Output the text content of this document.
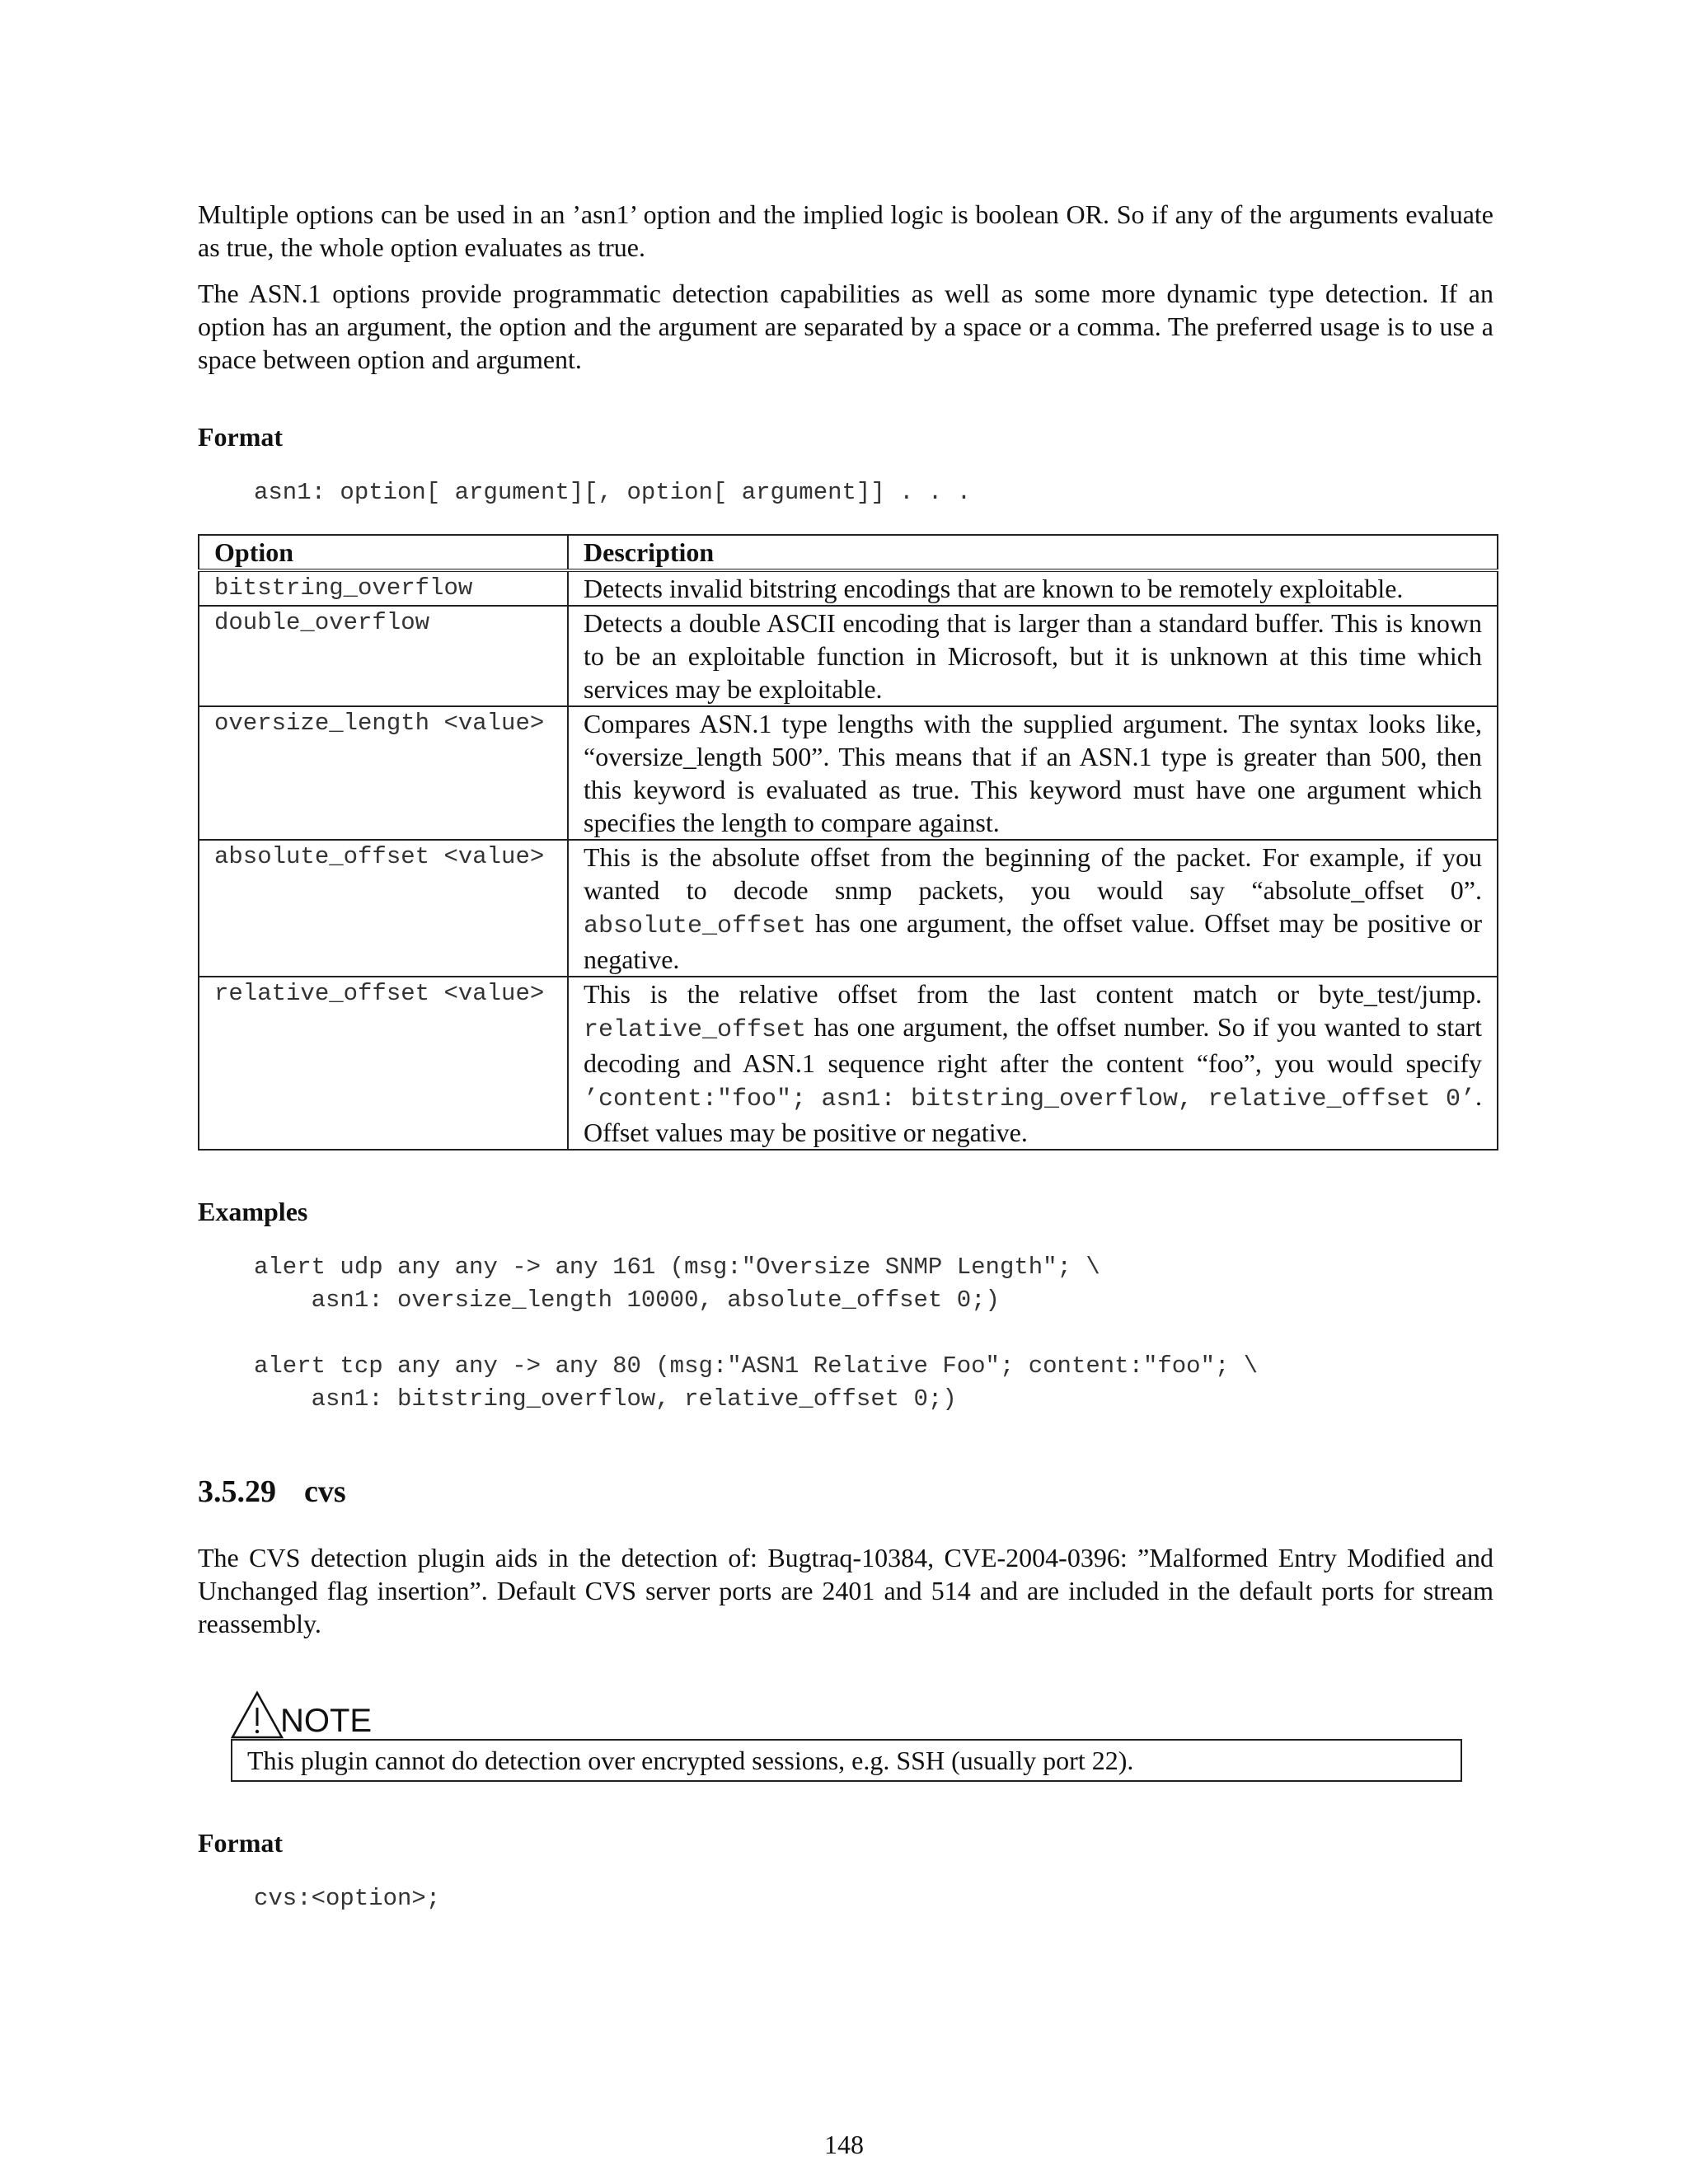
Multiple options can be used in an ’asn1’ option and the implied logic is boolean OR. So if any of the arguments evaluate as true, the whole option evaluates as true.

The ASN.1 options provide programmatic detection capabilities as well as some more dynamic type detection. If an option has an argument, the option and the argument are separated by a space or a comma. The preferred usage is to use a space between option and argument.

Format
asn1: option[ argument][, option[ argument]] . . .
Option	Description
bitstring_overflow	Detects invalid bitstring encodings that are known to be remotely exploitable.
double_overflow	Detects a double ASCII encoding that is larger than a standard buffer. This is known to be an exploitable function in Microsoft, but it is unknown at this time which services may be exploitable.
oversize_length <value>	Compares ASN.1 type lengths with the supplied argument. The syntax looks like, “oversize_length 500”. This means that if an ASN.1 type is greater than 500, then this keyword is evaluated as true. This keyword must have one argument which specifies the length to compare against.
absolute_offset <value>	This is the absolute offset from the beginning of the packet. For example, if you wanted to decode snmp packets, you would say “absolute_offset 0”. absolute_offset has one argument, the offset value. Offset may be positive or negative.
relative_offset <value>	This is the relative offset from the last content match or byte_test/jump. relative_offset has one argument, the offset number. So if you wanted to start decoding and ASN.1 sequence right after the content “foo”, you would specify ’content:"foo"; asn1: bitstring_overflow, relative_offset 0’. Offset values may be positive or negative.
Examples
alert udp any any -> any 161 (msg:"Oversize SNMP Length"; \
asn1: oversize_length 10000, absolute_offset 0;)
alert tcp any any -> any 80 (msg:"ASN1 Relative Foo"; content:"foo"; \
asn1: bitstring_overflow, relative_offset 0;)
3.5.29 cvs

The CVS detection plugin aids in the detection of: Bugtraq-10384, CVE-2004-0396: ”Malformed Entry Modified and Unchanged flag insertion”. Default CVS server ports are 2401 and 514 and are included in the default ports for stream reassembly.

NOTE
This plugin cannot do detection over encrypted sessions, e.g. SSH (usually port 22).
Format
cvs:<option>;
148
